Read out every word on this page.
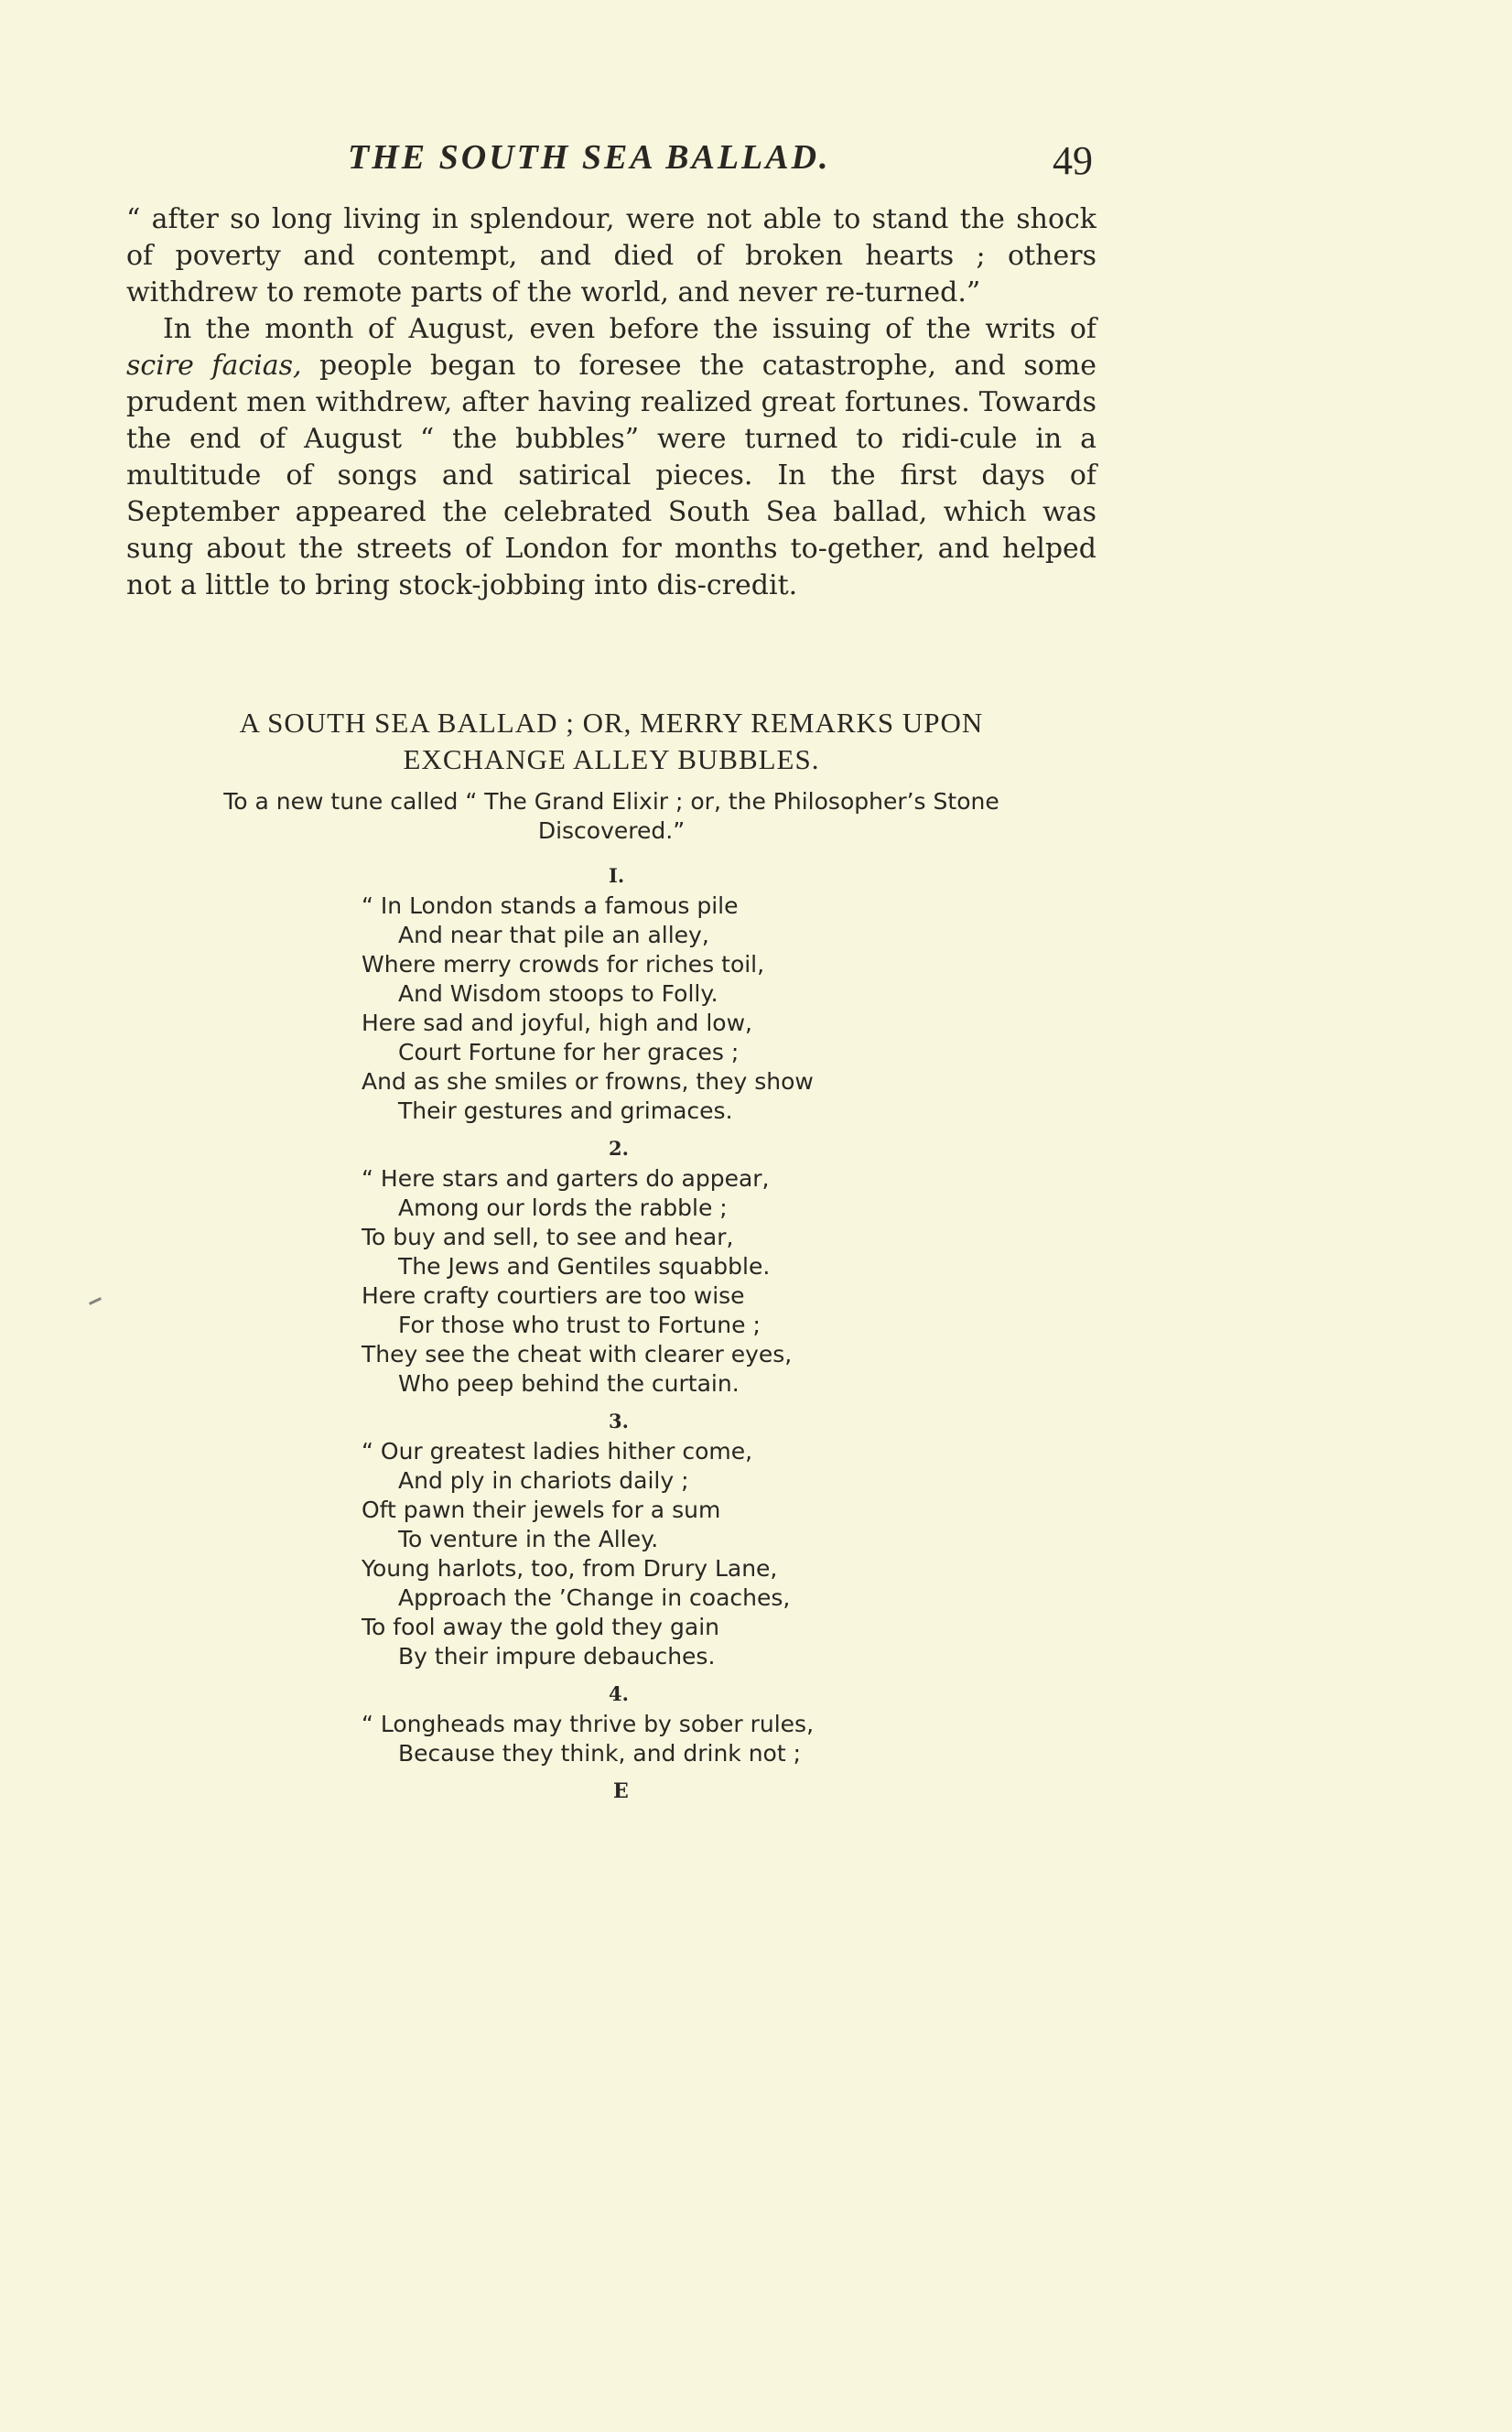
THE SOUTH SEA BALLAD.	49

“ after so long living in splendour, were not able to stand the shock of poverty and contempt, and died of broken hearts ; others withdrew to remote parts of the world, and never re-turned.”

In the month of August, even before the issuing of the writs of scire facias, people began to foresee the catastrophe, and some prudent men withdrew, after having realized great fortunes. Towards the end of August “ the bubbles” were turned to ridi-cule in a multitude of songs and satirical pieces. In the first days of September appeared the celebrated South Sea ballad, which was sung about the streets of London for months to-gether, and helped not a little to bring stock-jobbing into dis-credit.

A SOUTH SEA BALLAD ; OR, MERRY REMARKS UPON
EXCHANGE ALLEY BUBBLES.
To a new tune called “ The Grand Elixir ; or, the Philosopher’s Stone
Discovered.”
I.
“ In London stands a famous pile
And near that pile an alley,
Where merry crowds for riches toil,
And Wisdom stoops to Folly.
Here sad and joyful, high and low,
Court Fortune for her graces ;
And as she smiles or frowns, they show
Their gestures and grimaces.
2.
“ Here stars and garters do appear,
Among our lords the rabble ;
To buy and sell, to see and hear,
The Jews and Gentiles squabble.
Here crafty courtiers are too wise
For those who trust to Fortune ;
They see the cheat with clearer eyes,
Who peep behind the curtain.
3.
“ Our greatest ladies hither come,
And ply in chariots daily ;
Oft pawn their jewels for a sum
To venture in the Alley.
Young harlots, too, from Drury Lane,
Approach the ’Change in coaches,
To fool away the gold they gain
By their impure debauches.
4.
“ Longheads may thrive by sober rules,
Because they think, and drink not ;
E
